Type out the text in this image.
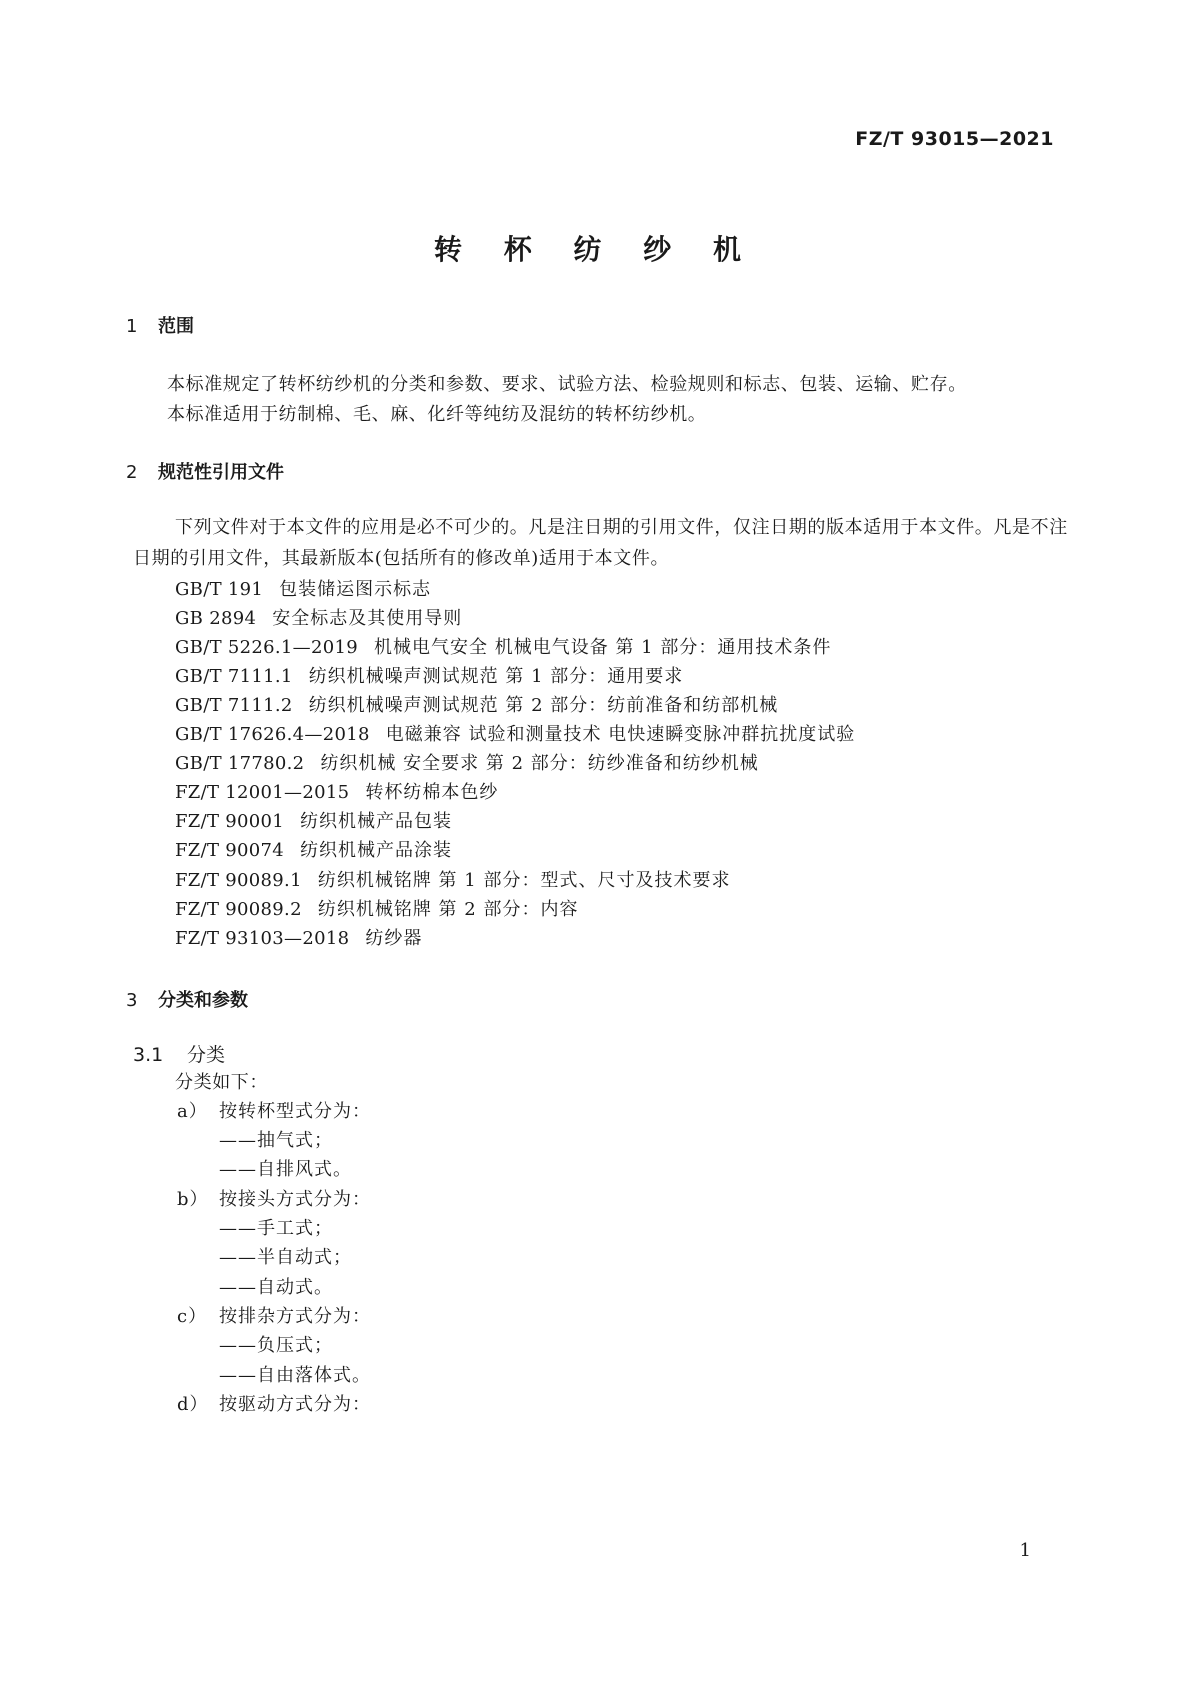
FZ/T 93015—2021
转 杯 纺 纱 机
1 范围
本标准规定了转杯纺纱机的分类和参数、要求、试验方法、检验规则和标志、包装、运输、贮存。
本标准适用于纺制棉、毛、麻、化纤等纯纺及混纺的转杯纺纱机。
2 规范性引用文件
下列文件对于本文件的应用是必不可少的。凡是注日期的引用文件，仅注日期的版本适用于本文件。凡是不注日期的引用文件，其最新版本(包括所有的修改单)适用于本文件。
GB/T 191 包装储运图示标志
GB 2894 安全标志及其使用导则
GB/T 5226.1—2019 机械电气安全 机械电气设备 第 1 部分：通用技术条件
GB/T 7111.1 纺织机械噪声测试规范 第 1 部分：通用要求
GB/T 7111.2 纺织机械噪声测试规范 第 2 部分：纺前准备和纺部机械
GB/T 17626.4—2018 电磁兼容 试验和测量技术 电快速瞬变脉冲群抗扰度试验
GB/T 17780.2 纺织机械 安全要求 第 2 部分：纺纱准备和纺纱机械
FZ/T 12001—2015 转杯纺棉本色纱
FZ/T 90001 纺织机械产品包装
FZ/T 90074 纺织机械产品涂装
FZ/T 90089.1 纺织机械铭牌 第 1 部分：型式、尺寸及技术要求
FZ/T 90089.2 纺织机械铭牌 第 2 部分：内容
FZ/T 93103—2018 纺纱器
3 分类和参数
3.1 分类
分类如下：
a） 按转杯型式分为：
——抽气式；
——自排风式。
b） 按接头方式分为：
——手工式；
——半自动式；
——自动式。
c） 按排杂方式分为：
——负压式；
——自由落体式。
d） 按驱动方式分为：
1
